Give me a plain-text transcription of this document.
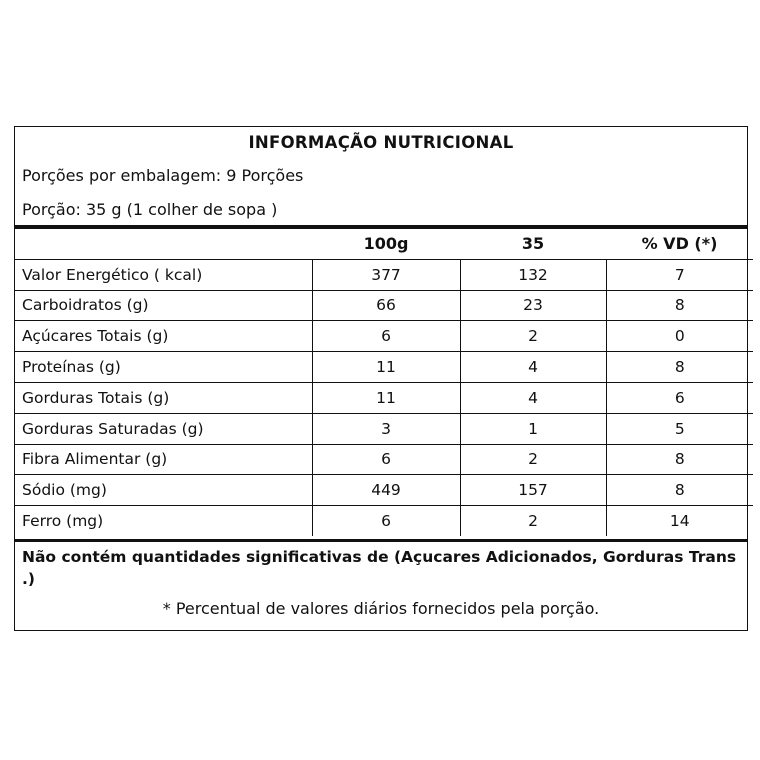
INFORMAÇÃO NUTRICIONAL
Porções por embalagem: 9 Porções
Porção: 35 g (1 colher de sopa )
	100g	35	% VD (*)
Valor Energético ( kcal)	377	132	7
Carboidratos (g)	66	23	8
Açúcares Totais (g)	6	2	0
Proteínas (g)	11	4	8
Gorduras Totais (g)	11	4	6
Gorduras Saturadas (g)	3	1	5
Fibra Alimentar (g)	6	2	8
Sódio (mg)	449	157	8
Ferro (mg)	6	2	14
Não contém quantidades significativas de (Açucares Adicionados, Gorduras Trans .)
* Percentual de valores diários fornecidos pela porção.
